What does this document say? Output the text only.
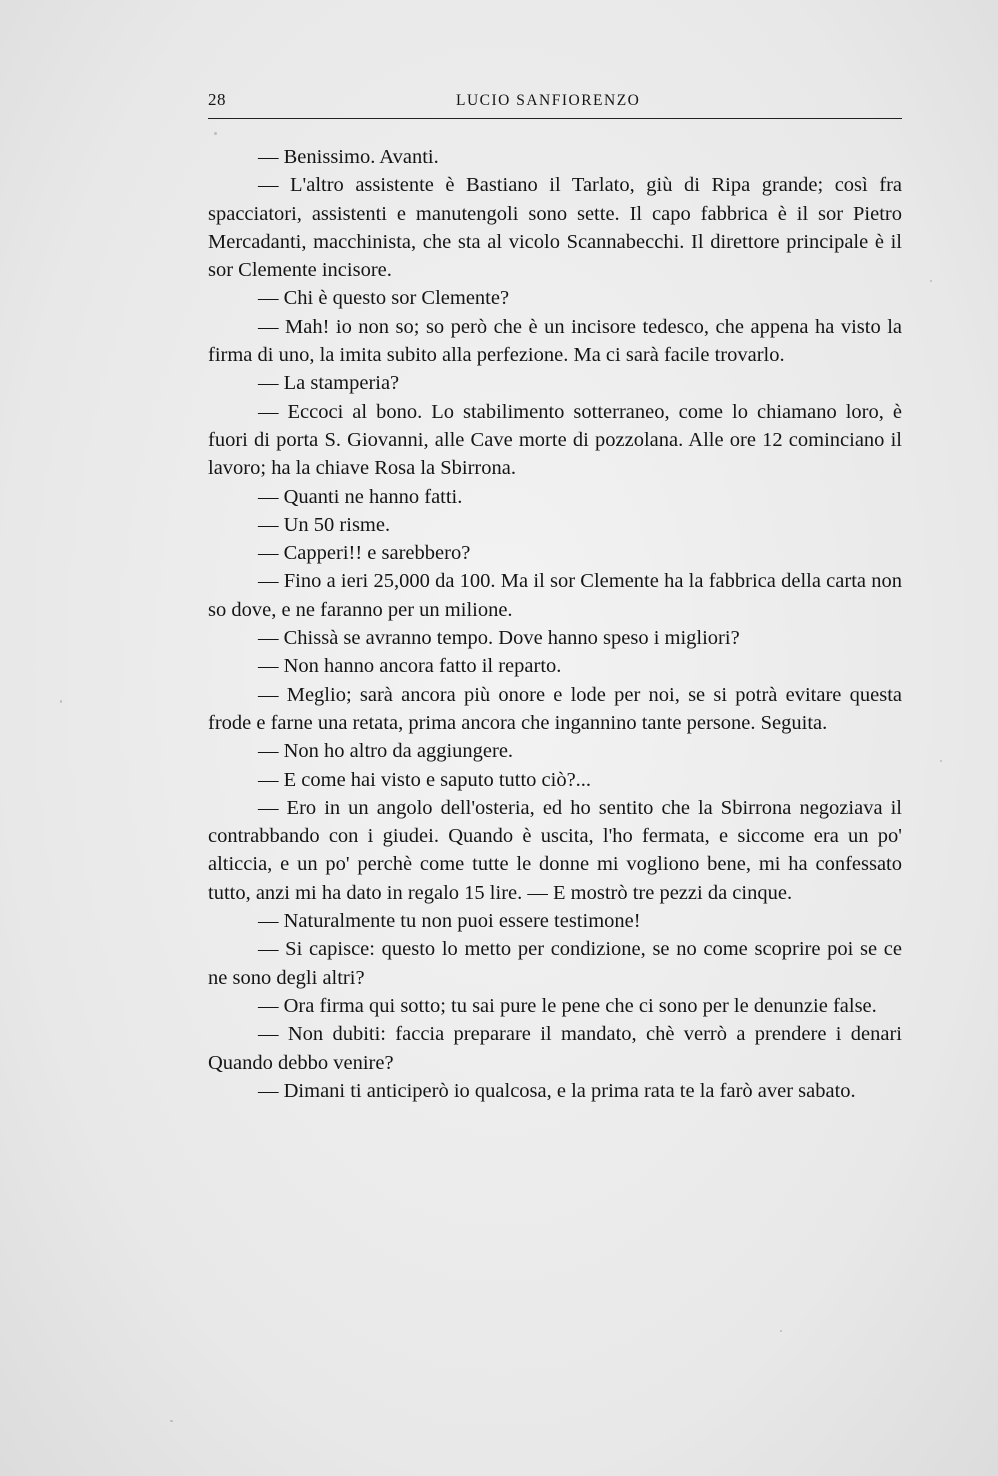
28	LUCIO SANFIORENZO

— Benissimo. Avanti.

— L'altro assistente è Bastiano il Tarlato, giù di Ripa grande; così fra spacciatori, assistenti e manutengoli sono sette. Il capo fabbrica è il sor Pietro Mercadanti, macchinista, che sta al vicolo Scannabecchi. Il direttore principale è il sor Clemente incisore.

— Chi è questo sor Clemente?

— Mah! io non so; so però che è un incisore tedesco, che appena ha visto la firma di uno, la imita subito alla perfezione. Ma ci sarà facile trovarlo.

— La stamperia?

— Eccoci al bono. Lo stabilimento sotterraneo, come lo chiamano loro, è fuori di porta S. Giovanni, alle Cave morte di pozzolana. Alle ore 12 cominciano il lavoro; ha la chiave Rosa la Sbirrona.

— Quanti ne hanno fatti.

— Un 50 risme.

— Capperi!! e sarebbero?

— Fino a ieri 25,000 da 100. Ma il sor Clemente ha la fabbrica della carta non so dove, e ne faranno per un milione.

— Chissà se avranno tempo. Dove hanno speso i migliori?

— Non hanno ancora fatto il reparto.

— Meglio; sarà ancora più onore e lode per noi, se si potrà evitare questa frode e farne una retata, prima ancora che ingannino tante persone. Seguita.

— Non ho altro da aggiungere.

— E come hai visto e saputo tutto ciò?...

— Ero in un angolo dell'osteria, ed ho sentito che la Sbirrona negoziava il contrabbando con i giudei. Quando è uscita, l'ho fermata, e siccome era un po' alticcia, e un po' perchè come tutte le donne mi vogliono bene, mi ha confessato tutto, anzi mi ha dato in regalo 15 lire. — E mostrò tre pezzi da cinque.

— Naturalmente tu non puoi essere testimone!

— Si capisce: questo lo metto per condizione, se no come scoprire poi se ce ne sono degli altri?

— Ora firma qui sotto; tu sai pure le pene che ci sono per le denunzie false.

— Non dubiti: faccia preparare il mandato, chè verrò a prendere i denari Quando debbo venire?

— Dimani ti anticiperò io qualcosa, e la prima rata te la farò aver sabato.
